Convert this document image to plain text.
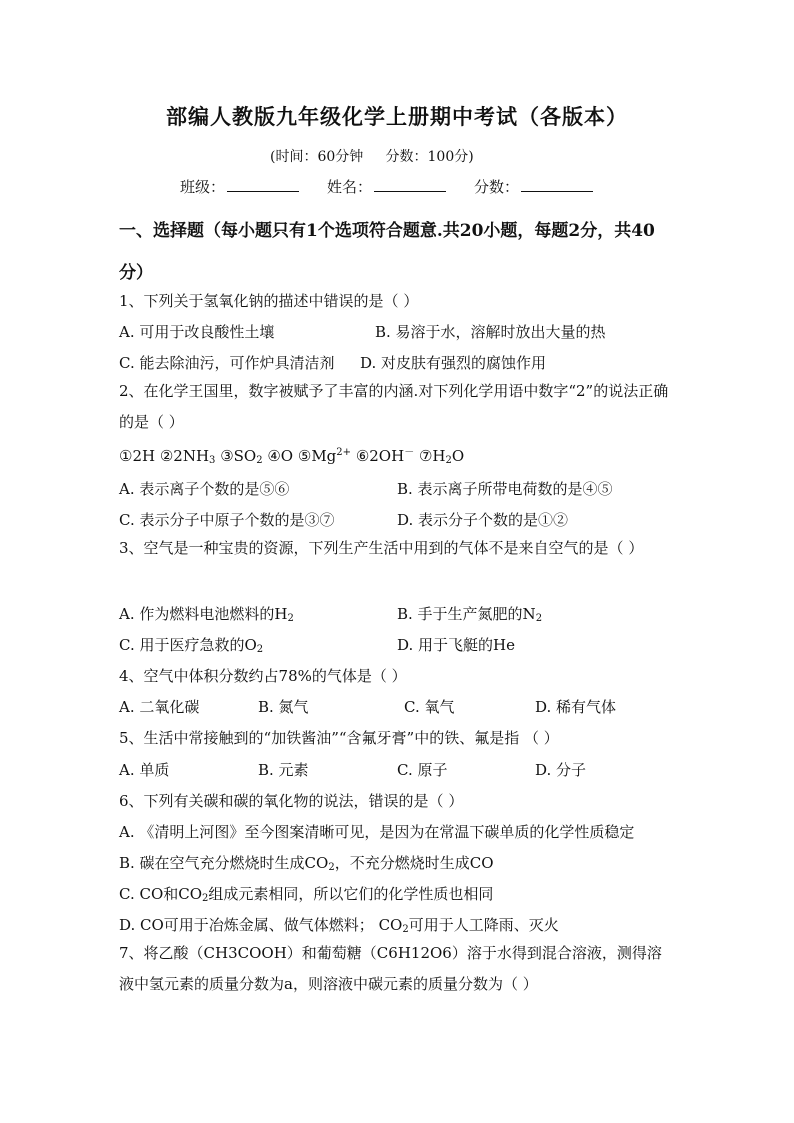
部编人教版九年级化学上册期中考试（各版本）
(时间：60分钟     分数：100分)
班级：	姓名：	分数：
一、选择题（每小题只有1个选项符合题意.共20小题，每题2分，共40分）
1、下列关于氢氧化钠的描述中错误的是（ ）
A. 可用于改良酸性土壤	B. 易溶于水，溶解时放出大量的热
C. 能去除油污，可作炉具清洁剂 D. 对皮肤有强烈的腐蚀作用
2、在化学王国里，数字被赋予了丰富的内涵.对下列化学用语中数字“2”的说法正确的是（ ）
①2H $②2NH_3$ $③SO_2$ ④O $⑤Mg^{2+}$ ⑥2OH－ $⑦H_2O$
A. 表示离子个数的是⑤⑥	B. 表示离子所带电荷数的是④⑤
C. 表示分子中原子个数的是③⑦	D. 表示分子个数的是①②
3、空气是一种宝贵的资源，下列生产生活中用到的气体不是来自空气的是（ ）
A. 作为燃料电池燃料的$H_2$	B. 手于生产氮肥的$N_2$
C. 用于医疗急救的$O_2$	D. 用于飞艇的He
4、空气中体积分数约占78%的气体是（ ）
A. 二氧化碳	B. 氮气	C. 氧气	D. 稀有气体
5、生活中常接触到的“加铁酱油”“含氟牙膏”中的铁、氟是指 （ ）
A. 单质	B. 元素	C. 原子	D. 分子
6、下列有关碳和碳的氧化物的说法，错误的是（ ）
A. 《清明上河图》至今图案清晰可见，是因为在常温下碳单质的化学性质稳定
B. 碳在空气充分燃烧时生成$CO_2$，不充分燃烧时生成CO
C. CO和$CO_2$组成元素相同，所以它们的化学性质也相同
D. CO可用于冶炼金属、做气体燃料； $CO_2$可用于人工降雨、灭火
7、将乙酸（CH3COOH）和葡萄糖（C6H12O6）溶于水得到混合溶液，测得溶液中氢元素的质量分数为a，则溶液中碳元素的质量分数为（ ）
